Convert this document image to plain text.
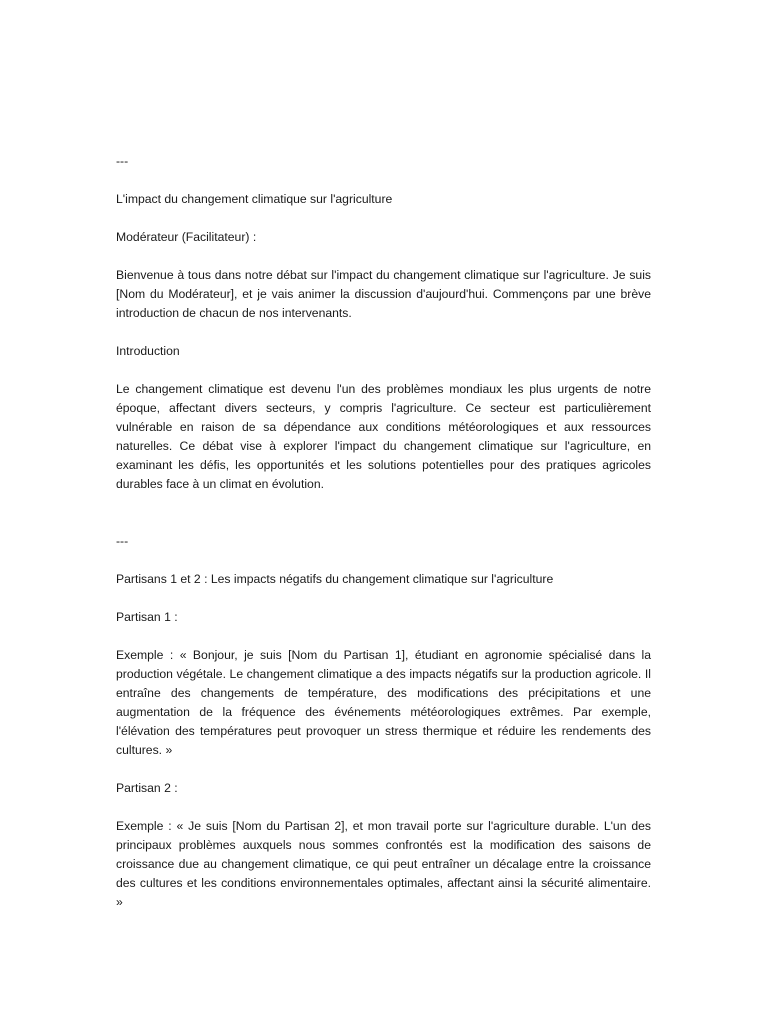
---

L'impact du changement climatique sur l'agriculture

Modérateur (Facilitateur) :

Bienvenue à tous dans notre débat sur l'impact du changement climatique sur l'agriculture. Je suis [Nom du Modérateur], et je vais animer la discussion d'aujourd'hui. Commençons par une brève introduction de chacun de nos intervenants.

Introduction

Le changement climatique est devenu l'un des problèmes mondiaux les plus urgents de notre époque, affectant divers secteurs, y compris l'agriculture. Ce secteur est particulièrement vulnérable en raison de sa dépendance aux conditions météorologiques et aux ressources naturelles. Ce débat vise à explorer l'impact du changement climatique sur l'agriculture, en examinant les défis, les opportunités et les solutions potentielles pour des pratiques agricoles durables face à un climat en évolution.

---

Partisans 1 et 2 : Les impacts négatifs du changement climatique sur l'agriculture

Partisan 1 :

Exemple : « Bonjour, je suis [Nom du Partisan 1], étudiant en agronomie spécialisé dans la production végétale. Le changement climatique a des impacts négatifs sur la production agricole. Il entraîne des changements de température, des modifications des précipitations et une augmentation de la fréquence des événements météorologiques extrêmes. Par exemple, l'élévation des températures peut provoquer un stress thermique et réduire les rendements des cultures. »

Partisan 2 :

Exemple : « Je suis [Nom du Partisan 2], et mon travail porte sur l'agriculture durable. L'un des principaux problèmes auxquels nous sommes confrontés est la modification des saisons de croissance due au changement climatique, ce qui peut entraîner un décalage entre la croissance des cultures et les conditions environnementales optimales, affectant ainsi la sécurité alimentaire. »
